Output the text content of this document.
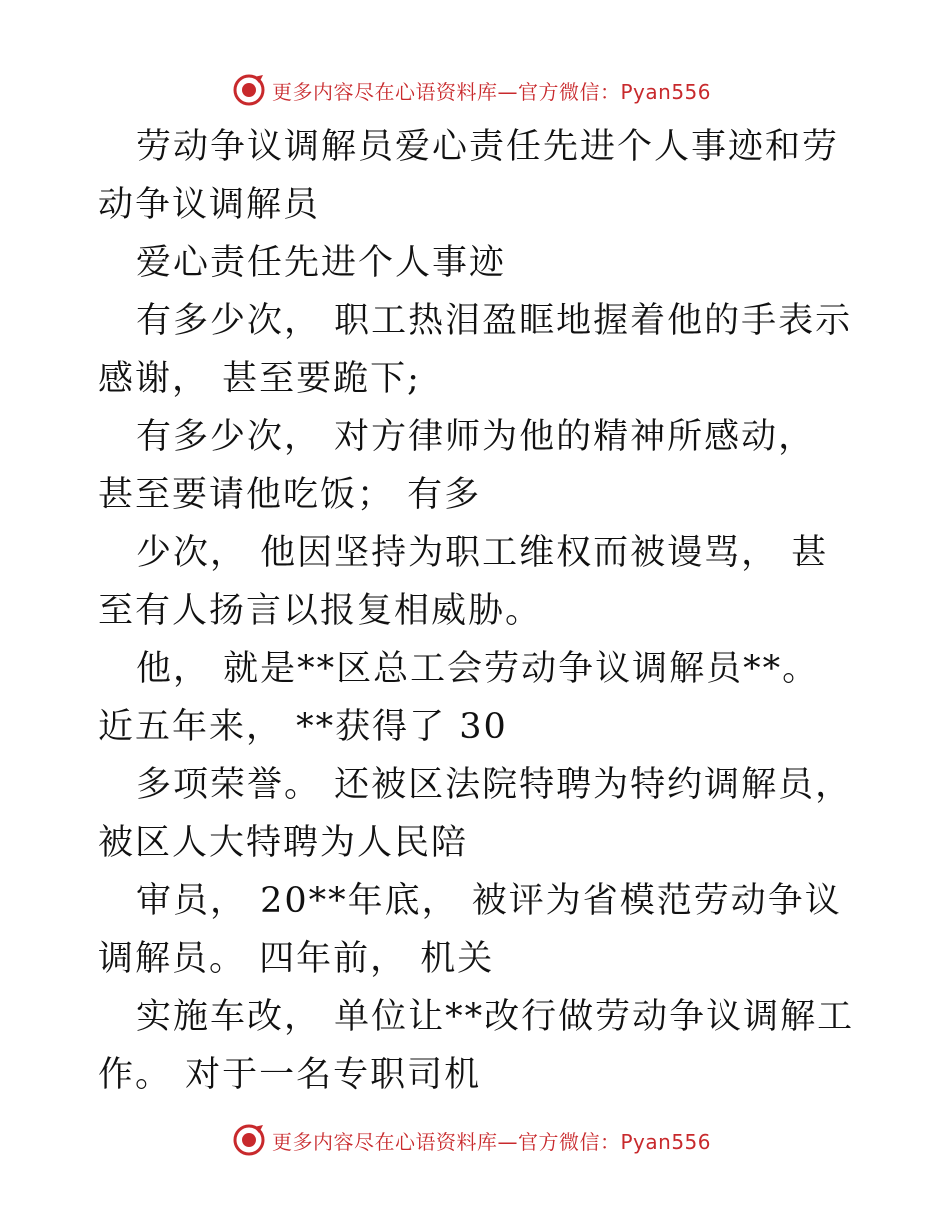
更多内容尽在心语资料库—官方微信：Pyan556

劳动争议调解员爱心责任先进个人事迹和劳动争议调解员

爱心责任先进个人事迹

有多少次， 职工热泪盈眶地握着他的手表示感谢， 甚至要跪下;

有多少次， 对方律师为他的精神所感动， 甚至要请他吃饭； 有多

少次， 他因坚持为职工维权而被谩骂， 甚至有人扬言以报复相威胁。

他， 就是**区总工会劳动争议调解员**。 近五年来， **获得了 30

多项荣誉。 还被区法院特聘为特约调解员，被区人大特聘为人民陪

审员， 20**年底， 被评为省模范劳动争议调解员。 四年前， 机关

实施车改， 单位让**改行做劳动争议调解工作。 对于一名专职司机

更多内容尽在心语资料库—官方微信：Pyan556
